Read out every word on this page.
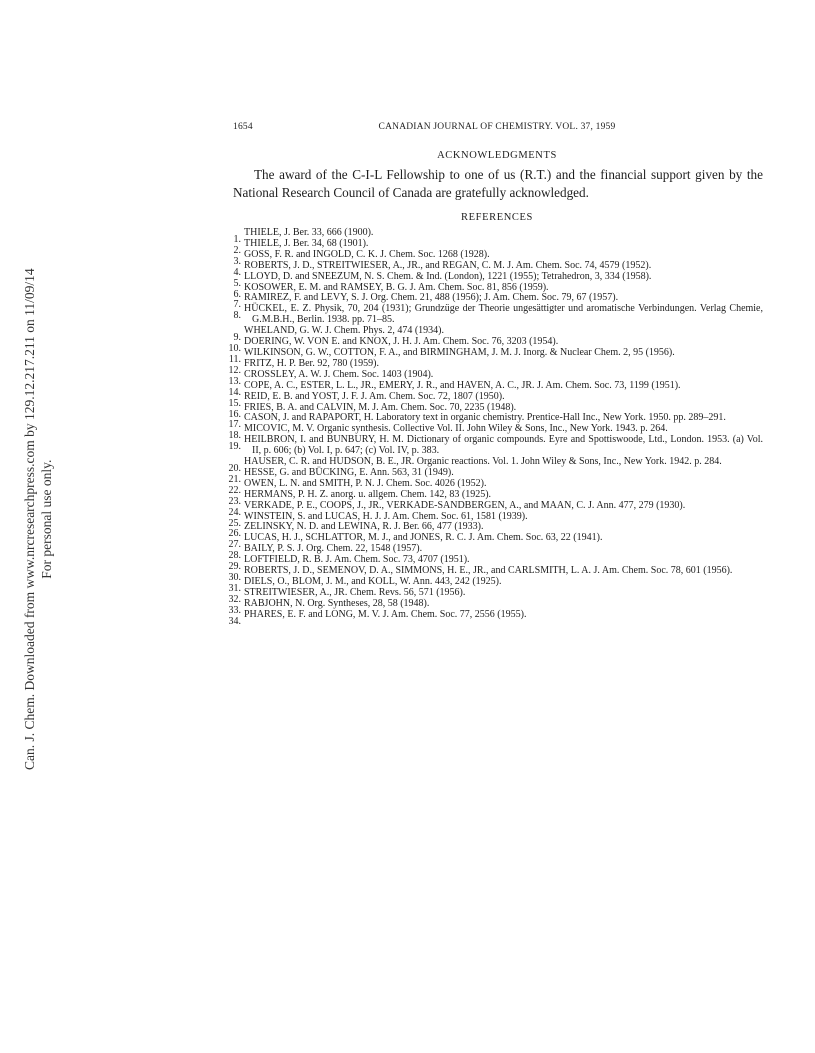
Can. J. Chem. Downloaded from www.nrcresearchpress.com by 129.12.217.211 on 11/09/14 For personal use only.
1654	CANADIAN JOURNAL OF CHEMISTRY. VOL. 37, 1959
ACKNOWLEDGMENTS
The award of the C-I-L Fellowship to one of us (R.T.) and the financial support given by the National Research Council of Canada are gratefully acknowledged.
REFERENCES
1.
THIELE, J. Ber. 33, 666 (1900).
2.
THIELE, J. Ber. 34, 68 (1901).
3.
GOSS, F. R. and INGOLD, C. K. J. Chem. Soc. 1268 (1928).
4.
ROBERTS, J. D., STREITWIESER, A., JR., and REGAN, C. M. J. Am. Chem. Soc. 74, 4579 (1952).
5.
LLOYD, D. and SNEEZUM, N. S. Chem. & Ind. (London), 1221 (1955); Tetrahedron, 3, 334 (1958).
6.
KOSOWER, E. M. and RAMSEY, B. G. J. Am. Chem. Soc. 81, 856 (1959).
7.
RAMIREZ, F. and LEVY, S. J. Org. Chem. 21, 488 (1956); J. Am. Chem. Soc. 79, 67 (1957).
8.
HÜCKEL, E. Z. Physik, 70, 204 (1931); Grundzüge der Theorie ungesättigter und aromatische Verbindungen. Verlag Chemie, G.M.B.H., Berlin. 1938. pp. 71–85.
9.
WHELAND, G. W. J. Chem. Phys. 2, 474 (1934).
10.
DOERING, W. VON E. and KNOX, J. H. J. Am. Chem. Soc. 76, 3203 (1954).
11.
WILKINSON, G. W., COTTON, F. A., and BIRMINGHAM, J. M. J. Inorg. & Nuclear Chem. 2, 95 (1956).
12.
FRITZ, H. P. Ber. 92, 780 (1959).
13.
CROSSLEY, A. W. J. Chem. Soc. 1403 (1904).
14.
COPE, A. C., ESTER, L. L., JR., EMERY, J. R., and HAVEN, A. C., JR. J. Am. Chem. Soc. 73, 1199 (1951).
15.
REID, E. B. and YOST, J. F. J. Am. Chem. Soc. 72, 1807 (1950).
16.
FRIES, B. A. and CALVIN, M. J. Am. Chem. Soc. 70, 2235 (1948).
17.
CASON, J. and RAPAPORT, H. Laboratory text in organic chemistry. Prentice-Hall Inc., New York. 1950. pp. 289–291.
18.
MICOVIC, M. V. Organic synthesis. Collective Vol. II. John Wiley & Sons, Inc., New York. 1943. p. 264.
19.
HEILBRON, I. and BUNBURY, H. M. Dictionary of organic compounds. Eyre and Spottiswoode, Ltd., London. 1953. (a) Vol. II, p. 606; (b) Vol. I, p. 647; (c) Vol. IV, p. 383.
20.
HAUSER, C. R. and HUDSON, B. E., JR. Organic reactions. Vol. 1. John Wiley & Sons, Inc., New York. 1942. p. 284.
21.
HESSE, G. and BÜCKING, E. Ann. 563, 31 (1949).
22.
OWEN, L. N. and SMITH, P. N. J. Chem. Soc. 4026 (1952).
23.
HERMANS, P. H. Z. anorg. u. allgem. Chem. 142, 83 (1925).
24.
VERKADE, P. E., COOPS, J., JR., VERKADE-SANDBERGEN, A., and MAAN, C. J. Ann. 477, 279 (1930).
25.
WINSTEIN, S. and LUCAS, H. J. J. Am. Chem. Soc. 61, 1581 (1939).
26.
ZELINSKY, N. D. and LEWINA, R. J. Ber. 66, 477 (1933).
27.
LUCAS, H. J., SCHLATTOR, M. J., and JONES, R. C. J. Am. Chem. Soc. 63, 22 (1941).
28.
BAILY, P. S. J. Org. Chem. 22, 1548 (1957).
29.
LOFTFIELD, R. B. J. Am. Chem. Soc. 73, 4707 (1951).
30.
ROBERTS, J. D., SEMENOV, D. A., SIMMONS, H. E., JR., and CARLSMITH, L. A. J. Am. Chem. Soc. 78, 601 (1956).
31.
DIELS, O., BLOM, J. M., and KOLL, W. Ann. 443, 242 (1925).
32.
STREITWIESER, A., JR. Chem. Revs. 56, 571 (1956).
33.
RABJOHN, N. Org. Syntheses, 28, 58 (1948).
34.
PHARES, E. F. and LONG, M. V. J. Am. Chem. Soc. 77, 2556 (1955).
